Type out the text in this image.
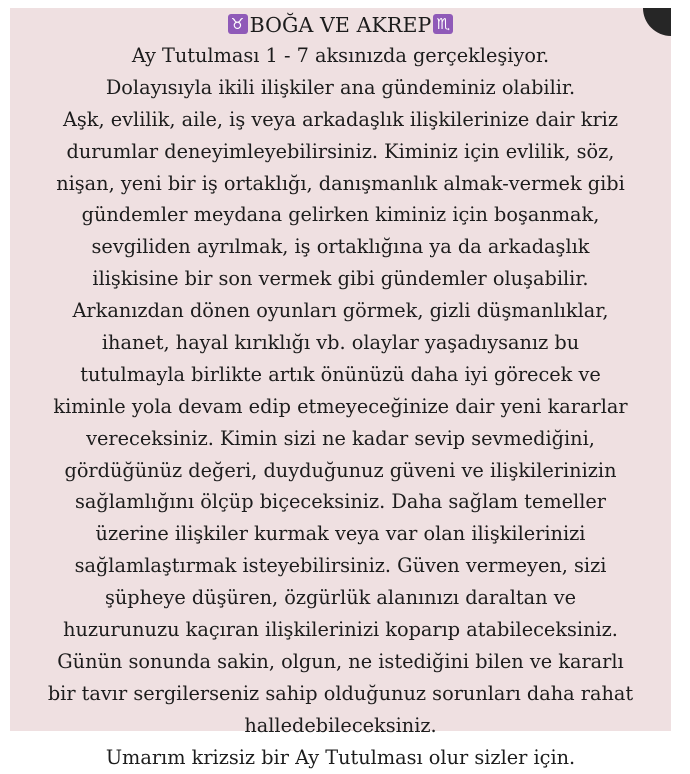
♉ BOĞA VE AKREP ♏
Ay Tutulması 1 - 7 aksınızda gerçekleşiyor.
Dolayısıyla ikili ilişkiler ana gündeminiz olabilir.
Aşk, evlilik, aile, iş veya arkadaşlık ilişkilerinize dair kriz
durumlar deneyimleyebilirsiniz. Kiminiz için evlilik, söz,
nişan, yeni bir iş ortaklığı, danışmanlık almak-vermek gibi
gündemler meydana gelirken kiminiz için boşanmak,
sevgiliden ayrılmak, iş ortaklığına ya da arkadaşlık
ilişkisine bir son vermek gibi gündemler oluşabilir.
Arkanızdan dönen oyunları görmek, gizli düşmanlıklar,
ihanet, hayal kırıklığı vb. olaylar yaşadıysanız bu
tutulmayla birlikte artık önünüzü daha iyi görecek ve
kiminle yola devam edip etmeyeceğinize dair yeni kararlar
vereceksiniz. Kimin sizi ne kadar sevip sevmediğini,
gördüğünüz değeri, duyduğunuz güveni ve ilişkilerinizin
sağlamlığını ölçüp biçeceksiniz. Daha sağlam temeller
üzerine ilişkiler kurmak veya var olan ilişkilerinizi
sağlamlaştırmak isteyebilirsiniz. Güven vermeyen, sizi
şüpheye düşüren, özgürlük alanınızı daraltan ve
huzurunuzu kaçıran ilişkilerinizi koparıp atabileceksiniz.
Günün sonunda sakin, olgun, ne istediğini bilen ve kararlı
bir tavır sergilerseniz sahip olduğunuz sorunları daha rahat
halledebileceksiniz.
Umarım krizsiz bir Ay Tutulması olur sizler için.
